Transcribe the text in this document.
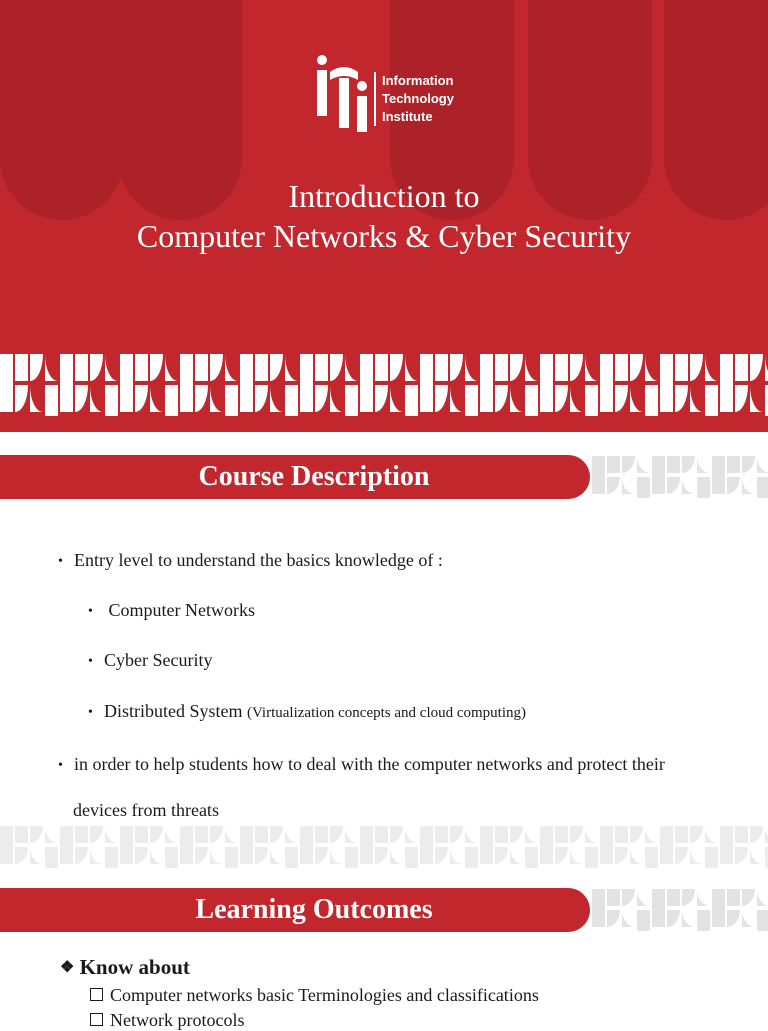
Information
Technology
Institute
Introduction to
Computer Networks & Cyber Security
Course Description
• Entry level to understand the basics knowledge of :
• Computer Networks
• Cyber Security
• Distributed System (Virtualization concepts and cloud computing)
• in order to help students how to deal with the computer networks and protect their
devices from threats
Learning Outcomes
❖ Know about
Computer networks basic Terminologies and classifications
Network protocols
